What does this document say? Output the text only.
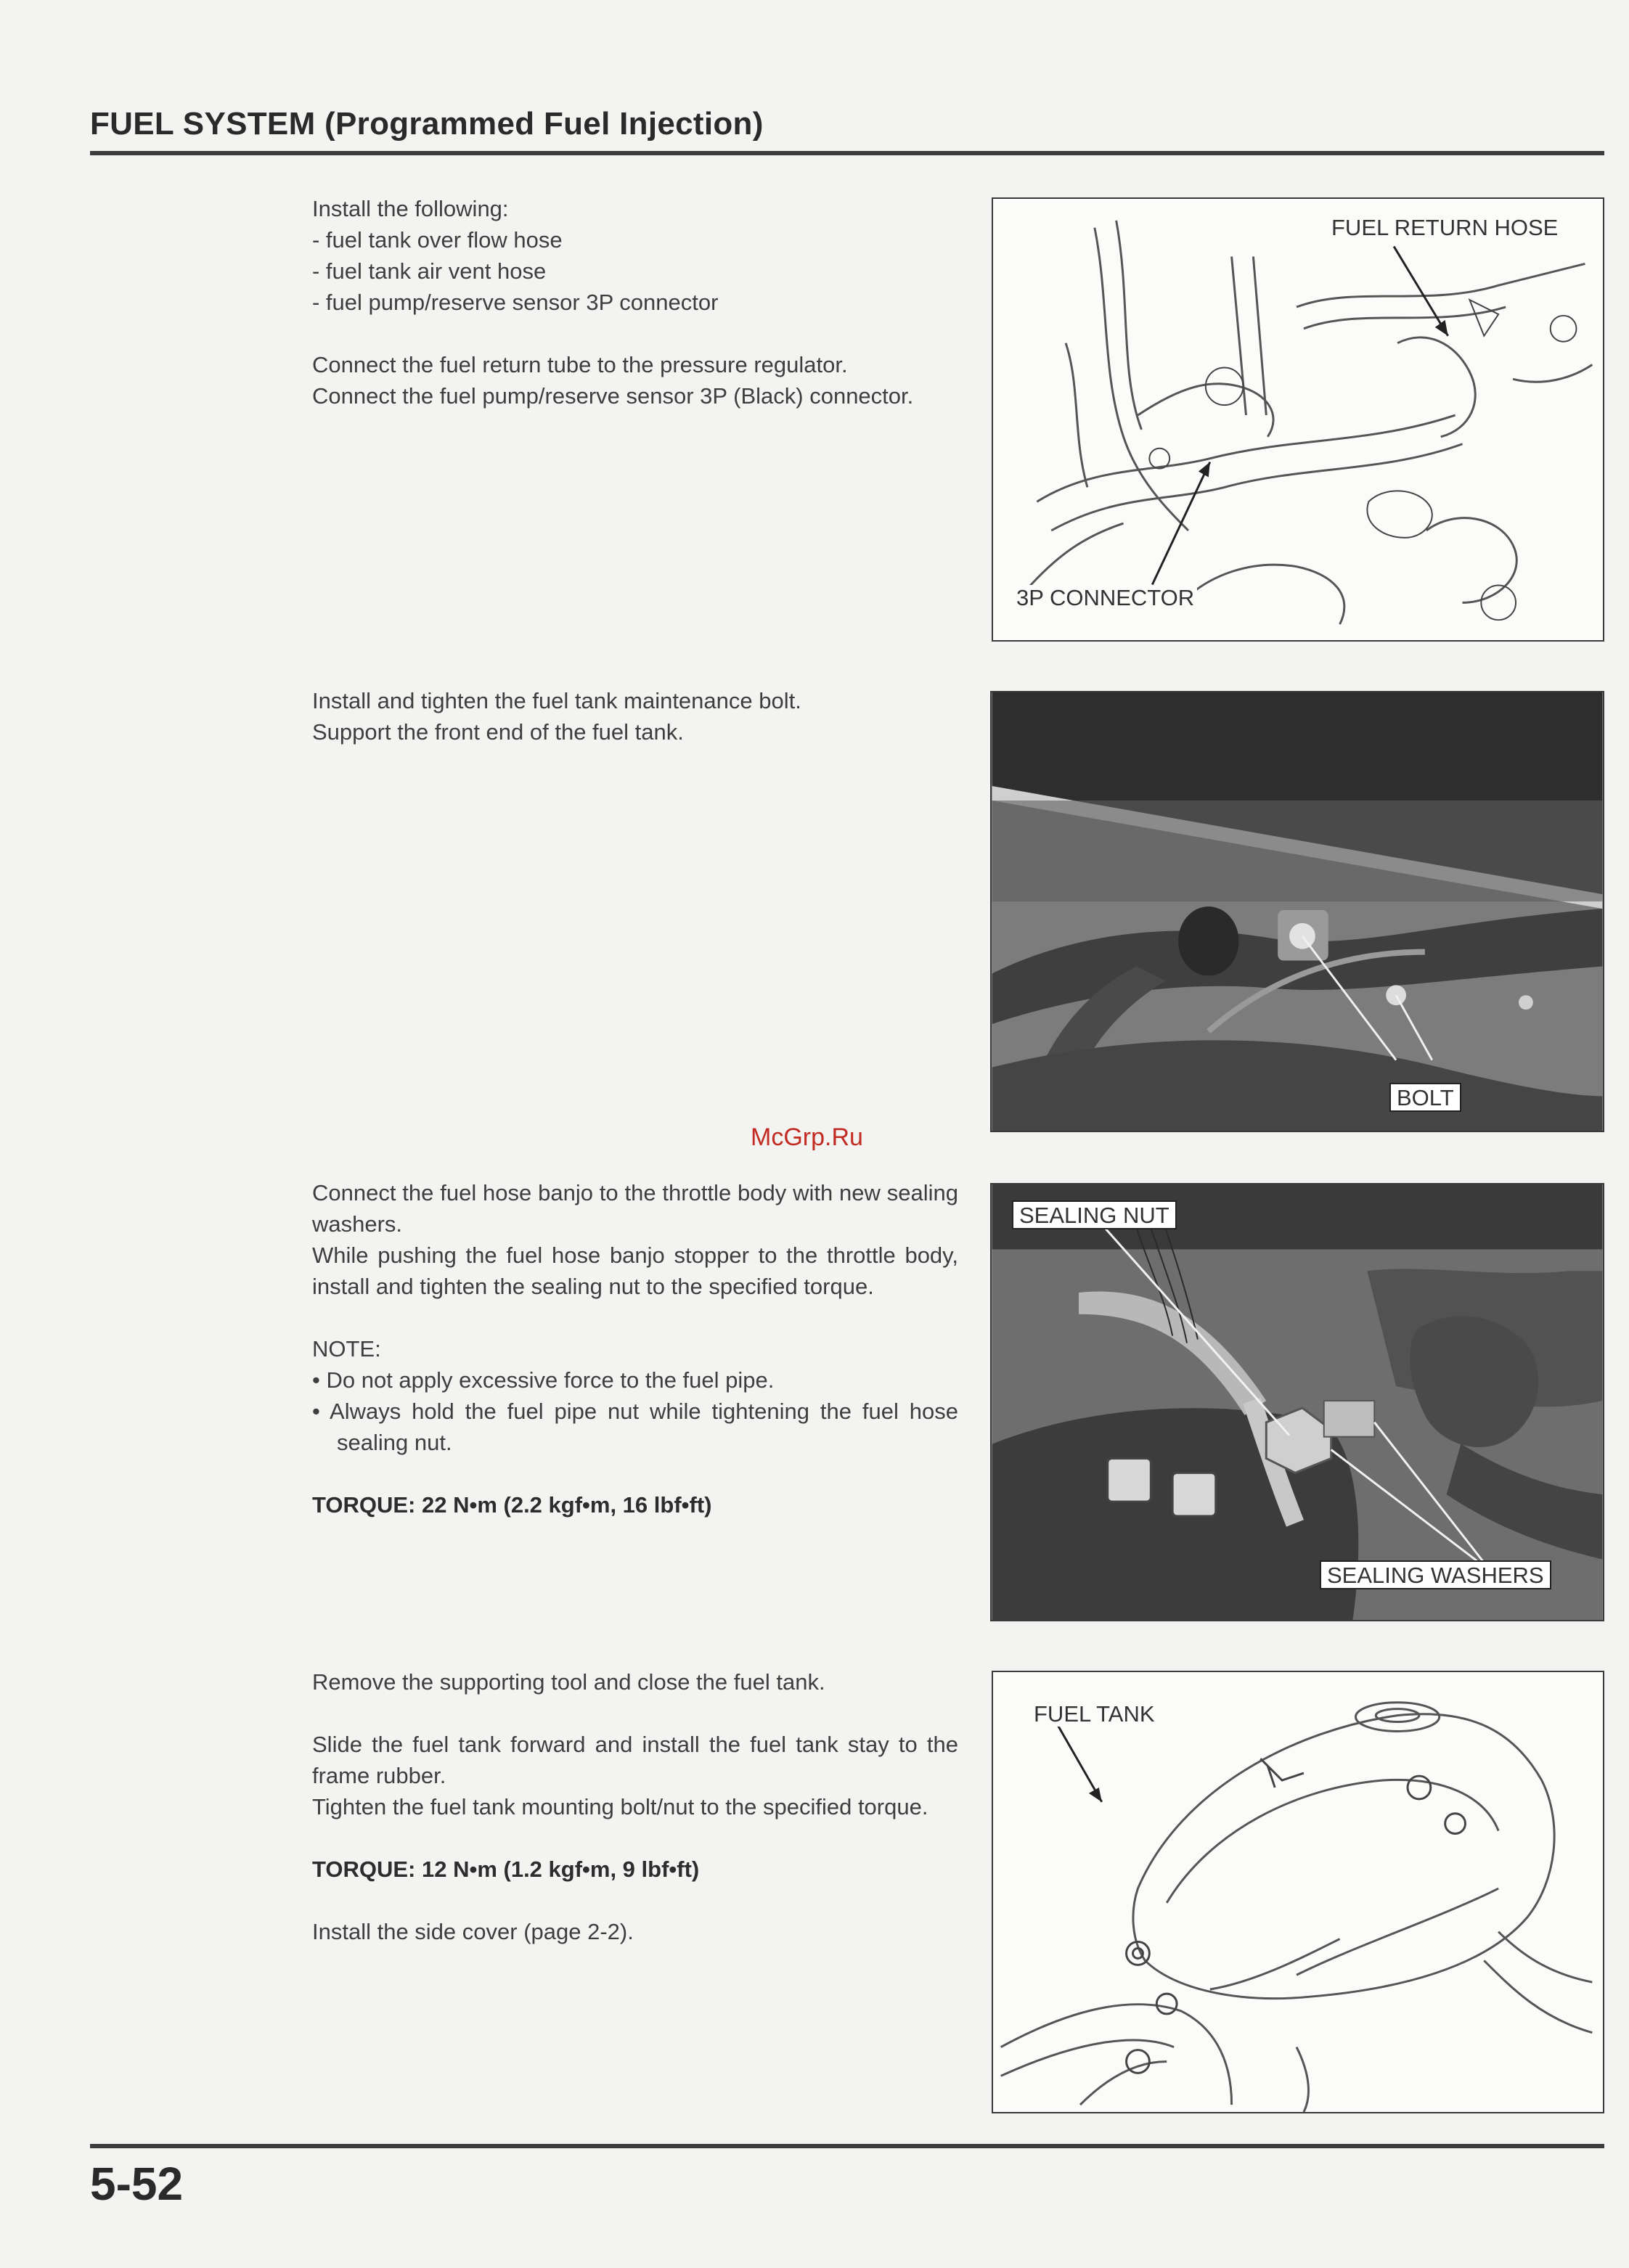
FUEL SYSTEM (Programmed Fuel Injection)

Install the following:

- fuel tank over flow hose

- fuel tank air vent hose

- fuel pump/reserve sensor 3P connector

Connect the fuel return tube to the pressure regulator.

Connect the fuel pump/reserve sensor 3P (Black) connector.

FUEL RETURN HOSE
3P CONNECTOR

Install and tighten the fuel tank maintenance bolt.

Support the front end of the fuel tank.

BOLT
McGrp.Ru

Connect the fuel hose banjo to the throttle body with new sealing washers.

While pushing the fuel hose banjo stopper to the throttle body, install and tighten the sealing nut to the specified torque.

NOTE:

• Do not apply excessive force to the fuel pipe.
• Always hold the fuel pipe nut while tightening the fuel hose sealing nut.

TORQUE: 22 N•m (2.2 kgf•m, 16 lbf•ft)

SEALING NUT
SEALING WASHERS

Remove the supporting tool and close the fuel tank.

Slide the fuel tank forward and install the fuel tank stay to the frame rubber.

Tighten the fuel tank mounting bolt/nut to the specified torque.

TORQUE: 12 N•m (1.2 kgf•m, 9 lbf•ft)

Install the side cover (page 2-2).

FUEL TANK
5-52
